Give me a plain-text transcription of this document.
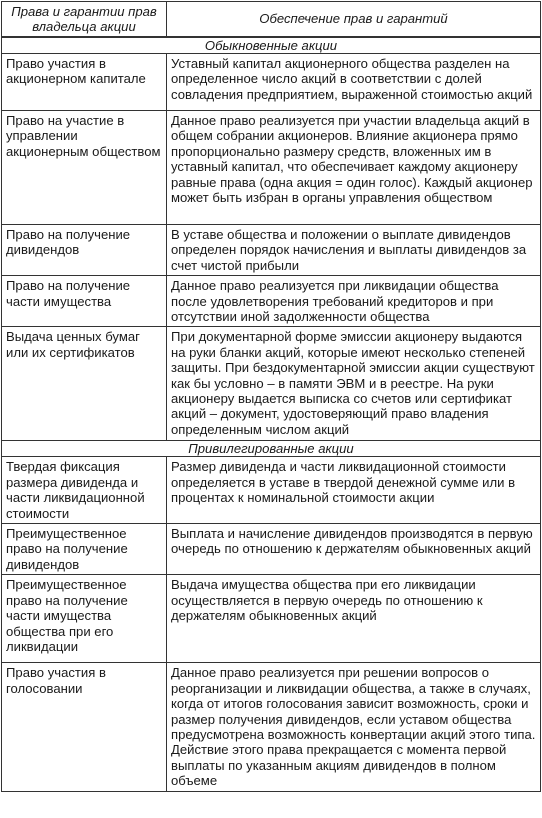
Права и гарантии прав владельца акции	Обеспечение прав и гарантий
Обыкновенные акции	
Право участия в акционерном капитале	Уставный капитал акционерного общества разделен на определенное число акций в соответствии с долей совладения предприятием, выраженной стоимостью акций
Право на участие в управлении акционерным обществом	Данное право реализуется при участии владельца акций в общем собрании акционеров. Влияние акционера прямо пропорционально размеру средств, вложенных им в уставный капитал, что обеспечивает каждому акционеру равные права (одна акция = один голос). Каждый акционер может быть избран в органы управления обществом
Право на получение дивидендов	В уставе общества и положении о выплате дивидендов определен порядок начисления и выплаты дивидендов за счет чистой прибыли
Право на получение части имущества	Данное право реализуется при ликвидации общества после удовлетворения требований кредиторов и при отсутствии иной задолженности общества
Выдача ценных бумаг или их сертификатов	При документарной форме эмиссии акционеру выдаются на руки бланки акций, которые имеют несколько степеней защиты. При бездокументарной эмиссии акции существуют как бы условно – в памяти ЭВМ и в реестре. На руки акционеру выдается выписка со счетов или сертификат акций – документ, удостоверяющий право владения определенным числом акций
Привилегированные акции	
Твердая фиксация размера дивиденда и части ликвидационной стоимости	Размер дивиденда и части ликвидационной стоимости определяется в уставе в твердой денежной сумме или в процентах к номинальной стоимости акции
Преимущественное право на получение дивидендов	Выплата и начисление дивидендов производятся в первую очередь по отношению к держателям обыкновенных акций
Преимущественное право на получение части имущества общества при его ликвидации	Выдача имущества общества при его ликвидации осуществляется в первую очередь по отношению к держателям обыкновенных акций
Право участия в голосовании	Данное право реализуется при решении вопросов о реорганизации и ликвидации общества, а также в случаях, когда от итогов голосования зависит возможность, сроки и размер получения дивидендов, если уставом общества предусмотрена возможность конвертации акций этого типа. Действие этого права прекращается с момента первой выплаты по указанным акциям дивидендов в полном объеме
